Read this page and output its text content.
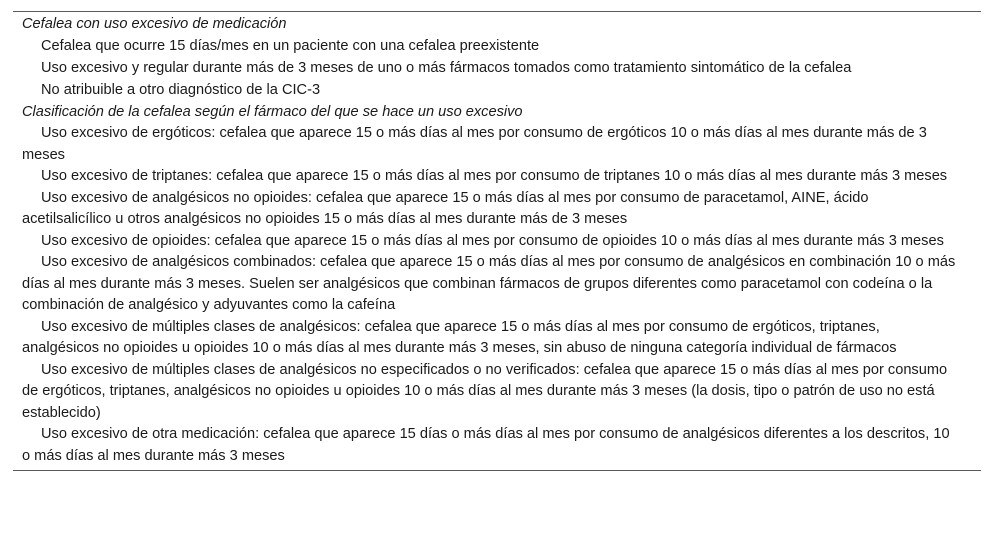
Cefalea con uso excesivo de medicación
Cefalea que ocurre 15 días/mes en un paciente con una cefalea preexistente
Uso excesivo y regular durante más de 3 meses de uno o más fármacos tomados como tratamiento sintomático de la cefalea
No atribuible a otro diagnóstico de la CIC-3
Clasificación de la cefalea según el fármaco del que se hace un uso excesivo
Uso excesivo de ergóticos: cefalea que aparece 15 o más días al mes por consumo de ergóticos 10 o más días al mes durante más de 3 meses
Uso excesivo de triptanes: cefalea que aparece 15 o más días al mes por consumo de triptanes 10 o más días al mes durante más 3 meses
Uso excesivo de analgésicos no opioides: cefalea que aparece 15 o más días al mes por consumo de paracetamol, AINE, ácido acetilsalicílico u otros analgésicos no opioides 15 o más días al mes durante más de 3 meses
Uso excesivo de opioides: cefalea que aparece 15 o más días al mes por consumo de opioides 10 o más días al mes durante más 3 meses
Uso excesivo de analgésicos combinados: cefalea que aparece 15 o más días al mes por consumo de analgésicos en combinación 10 o más días al mes durante más 3 meses. Suelen ser analgésicos que combinan fármacos de grupos diferentes como paracetamol con codeína o la combinación de analgésico y adyuvantes como la cafeína
Uso excesivo de múltiples clases de analgésicos: cefalea que aparece 15 o más días al mes por consumo de ergóticos, triptanes, analgésicos no opioides u opioides 10 o más días al mes durante más 3 meses, sin abuso de ninguna categoría individual de fármacos
Uso excesivo de múltiples clases de analgésicos no especificados o no verificados: cefalea que aparece 15 o más días al mes por consumo de ergóticos, triptanes, analgésicos no opioides u opioides 10 o más días al mes durante más 3 meses (la dosis, tipo o patrón de uso no está establecido)
Uso excesivo de otra medicación: cefalea que aparece 15 días o más días al mes por consumo de analgésicos diferentes a los descritos, 10 o más días al mes durante más 3 meses
